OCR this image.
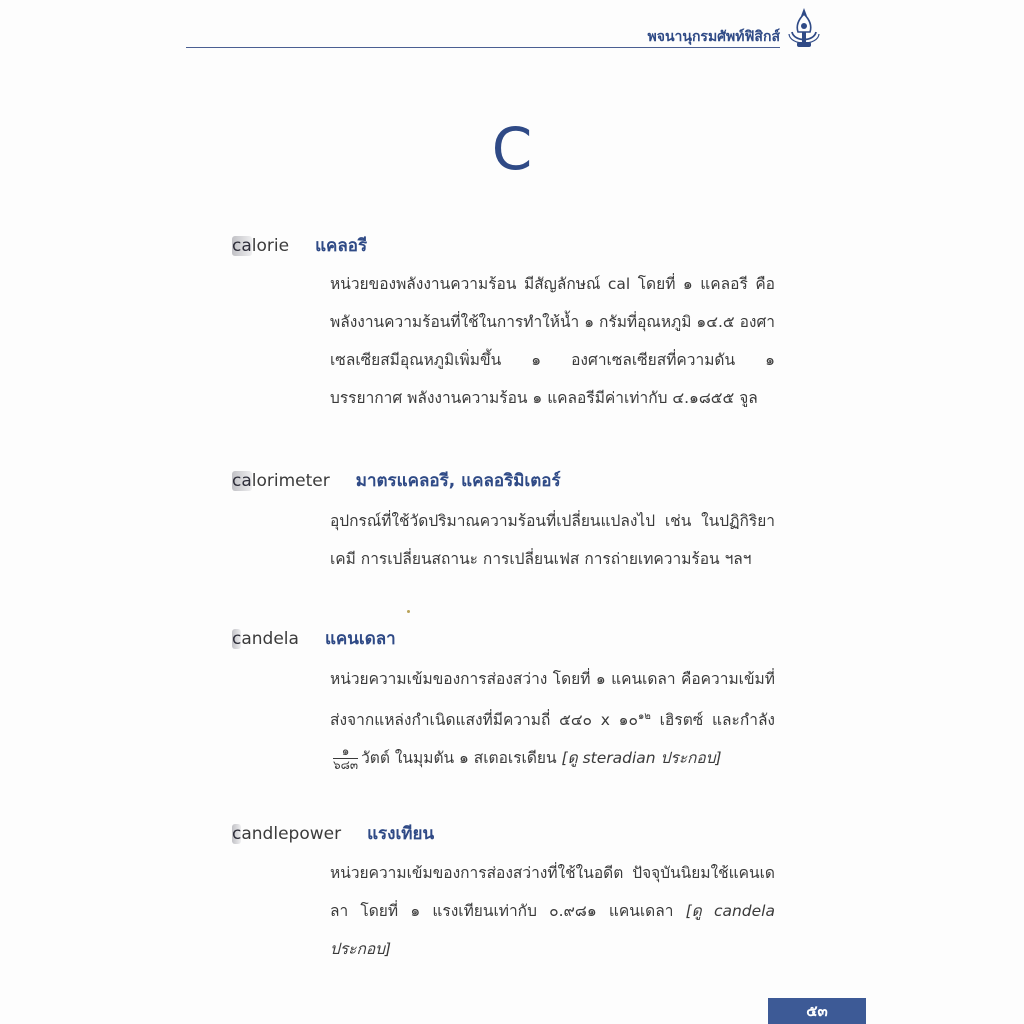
พจนานุกรมศัพท์ฟิสิกส์
C
calorie แคลอรี
หน่วยของพลังงานความร้อน มีสัญลักษณ์ cal โดยที่ ๑ แคลอรี คือพลังงานความร้อนที่ใช้ในการทำให้น้ำ ๑ กรัมที่อุณหภูมิ ๑๔.๕ องศาเซลเซียสมีอุณหภูมิเพิ่มขึ้น ๑ องศาเซลเซียสที่ความดัน ๑ บรรยากาศ พลังงานความร้อน ๑ แคลอรีมีค่าเท่ากับ ๔.๑๘๕๕ จูล
calorimeter มาตรแคลอรี, แคลอริมิเตอร์
อุปกรณ์ที่ใช้วัดปริมาณความร้อนที่เปลี่ยนแปลงไป เช่น ในปฏิกิริยาเคมี การเปลี่ยนสถานะ การเปลี่ยนเฟส การถ่ายเทความร้อน ฯลฯ
candela แคนเดลา
หน่วยความเข้มของการส่องสว่าง โดยที่ ๑ แคนเดลา คือความเข้มที่ส่งจากแหล่งกำเนิดแสงที่มีความถี่ ๕๔๐ x ๑๐$^{๑๒}$ เฮิรตซ์ และกำลัง
$\frac{๑}{๖๘๓}$ วัตต์ ในมุมตัน ๑ สเตอเรเดียน [ดู steradian ประกอบ]
candlepower แรงเทียน
หน่วยความเข้มของการส่องสว่างที่ใช้ในอดีต ปัจจุบันนิยมใช้แคนเดลา โดยที่ ๑ แรงเทียนเท่ากับ ๐.๙๘๑ แคนเดลา [ดู candela ประกอบ]
๕๓
